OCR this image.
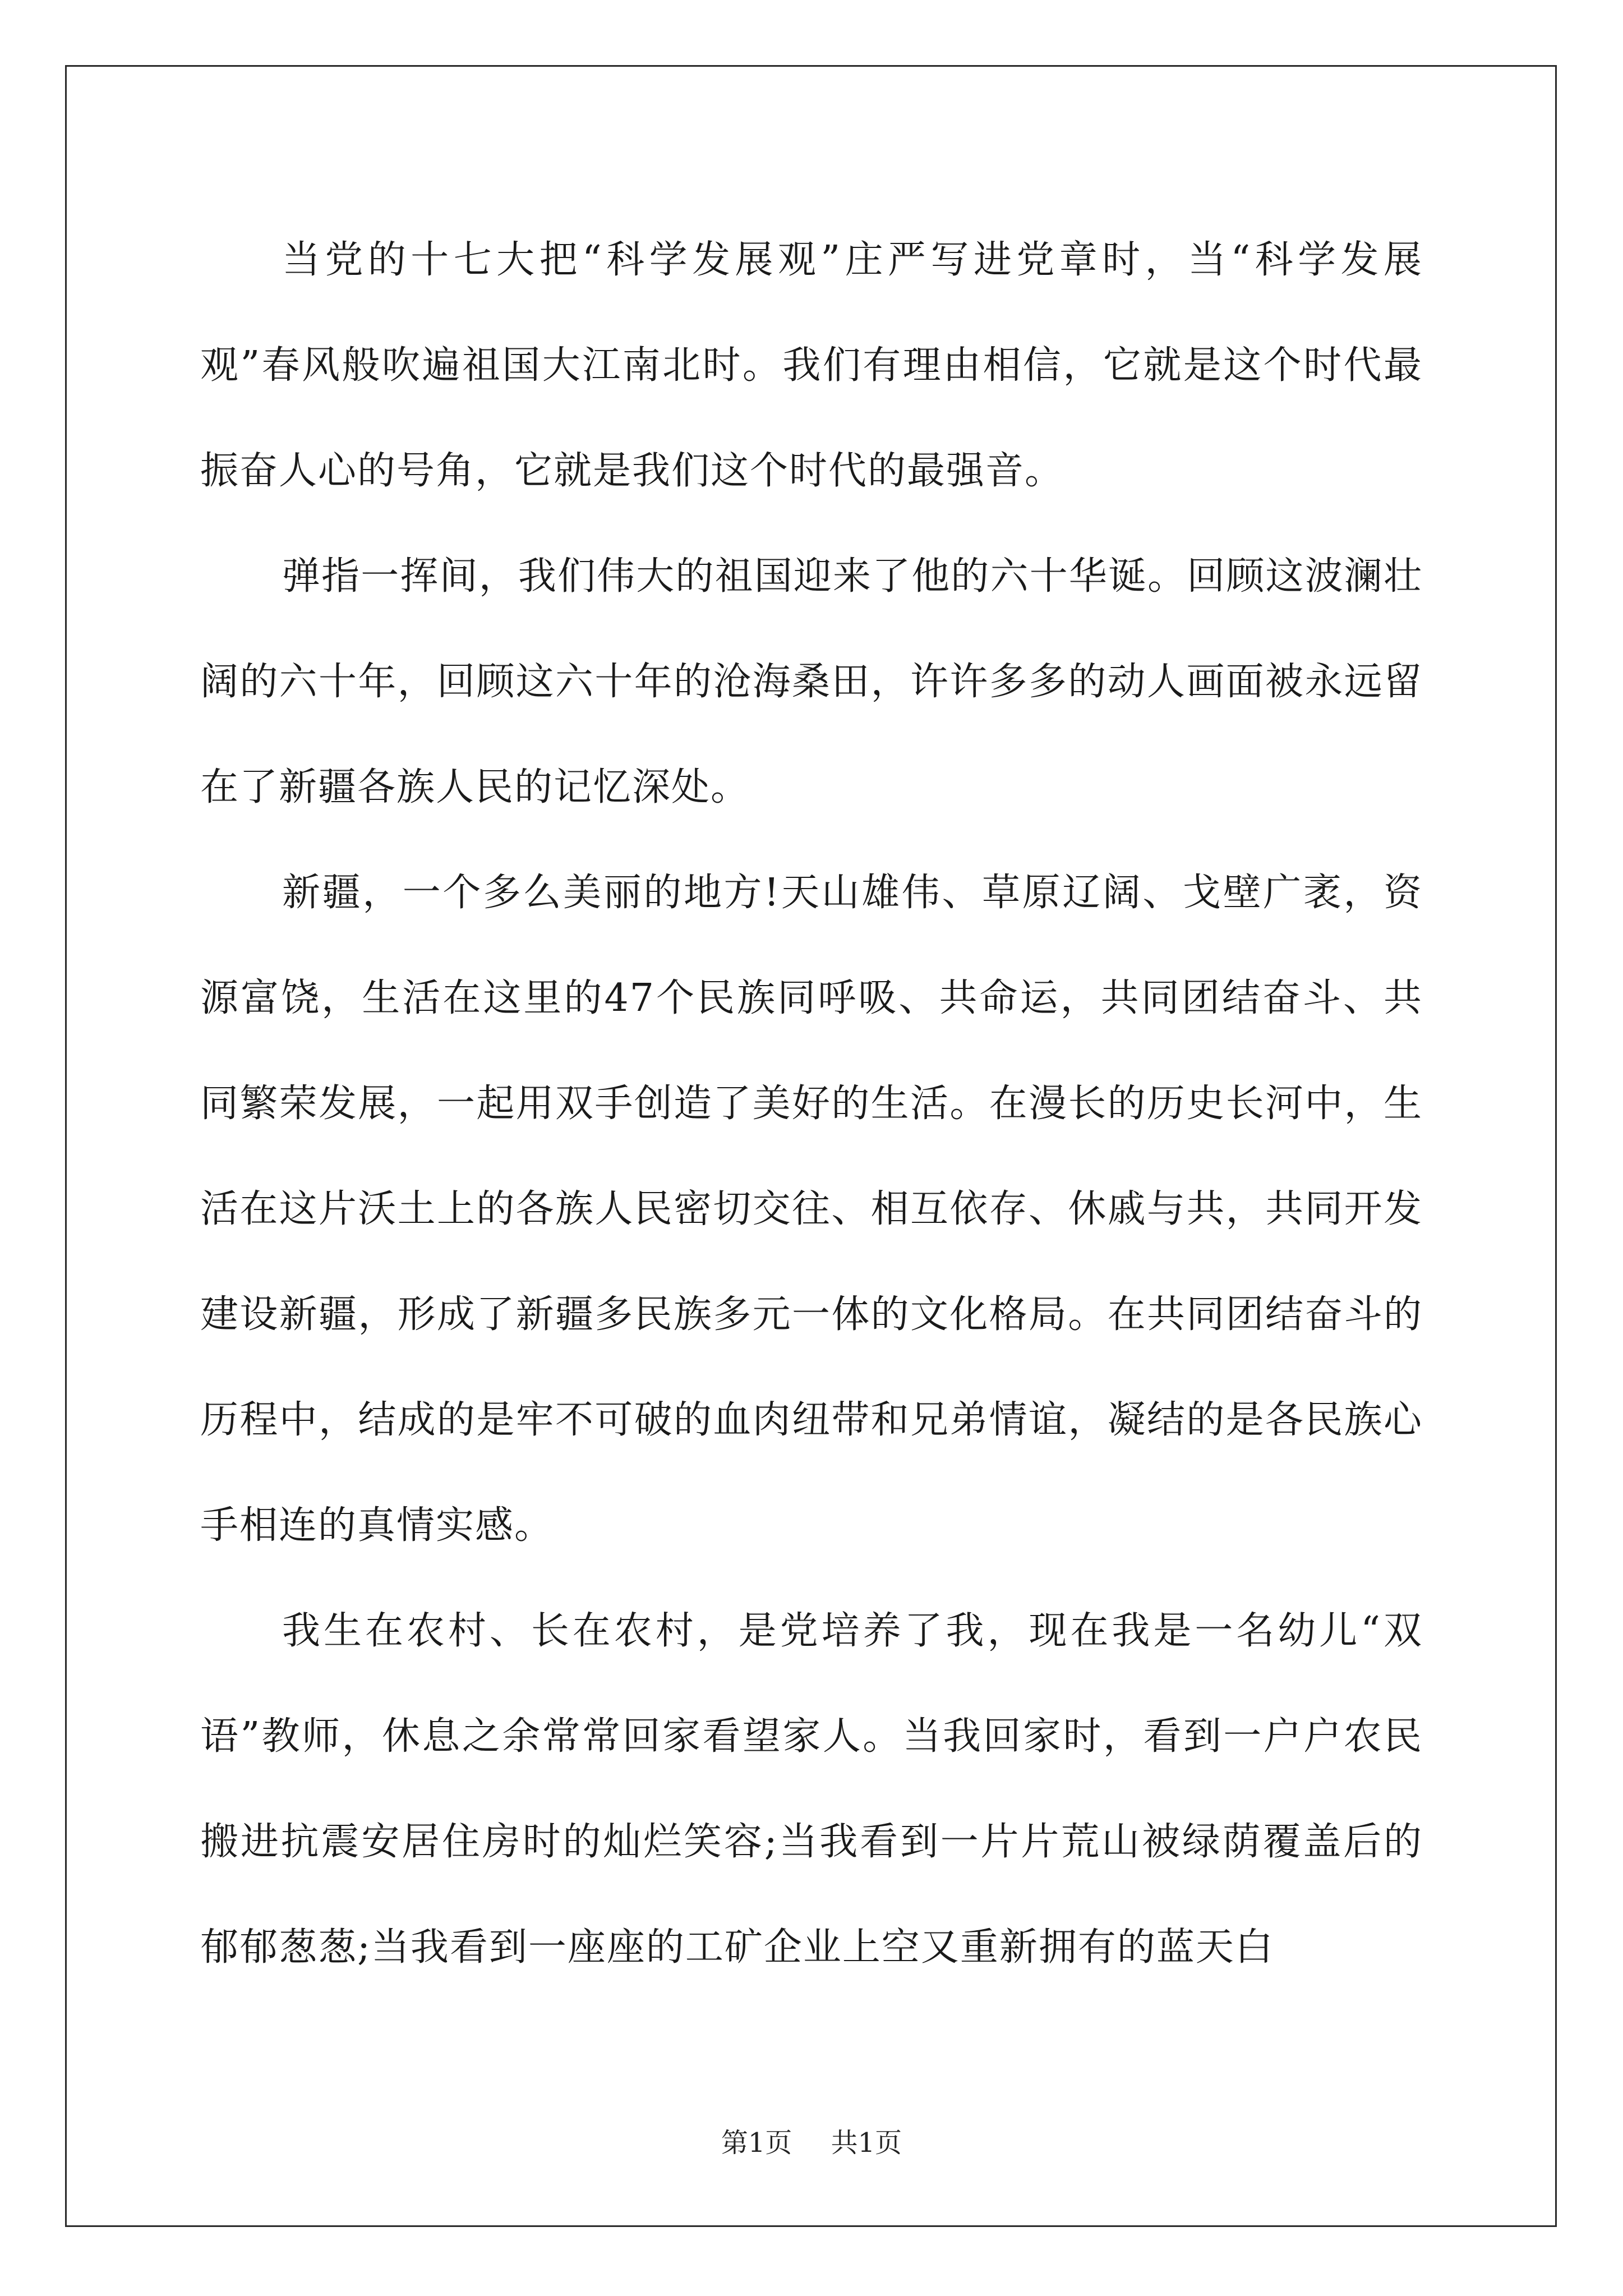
当党的十七大把“科学发展观”庄严写进党章时，当“科学发展观”春风般吹遍祖国大江南北时。我们有理由相信，它就是这个时代最振奋人心的号角，它就是我们这个时代的最强音。

弹指一挥间，我们伟大的祖国迎来了他的六十华诞。回顾这波澜壮阔的六十年，回顾这六十年的沧海桑田，许许多多的动人画面被永远留在了新疆各族人民的记忆深处。

新疆，一个多么美丽的地方!天山雄伟、草原辽阔、戈壁广袤，资源富饶，生活在这里的47个民族同呼吸、共命运，共同团结奋斗、共同繁荣发展，一起用双手创造了美好的生活。在漫长的历史长河中，生活在这片沃土上的各族人民密切交往、相互依存、休戚与共，共同开发建设新疆，形成了新疆多民族多元一体的文化格局。在共同团结奋斗的历程中，结成的是牢不可破的血肉纽带和兄弟情谊，凝结的是各民族心手相连的真情实感。

我生在农村、长在农村，是党培养了我，现在我是一名幼儿“双语”教师，休息之余常常回家看望家人。当我回家时，看到一户户农民搬进抗震安居住房时的灿烂笑容;当我看到一片片荒山被绿荫覆盖后的郁郁葱葱;当我看到一座座的工矿企业上空又重新拥有的蓝天白

第1页 共1页
